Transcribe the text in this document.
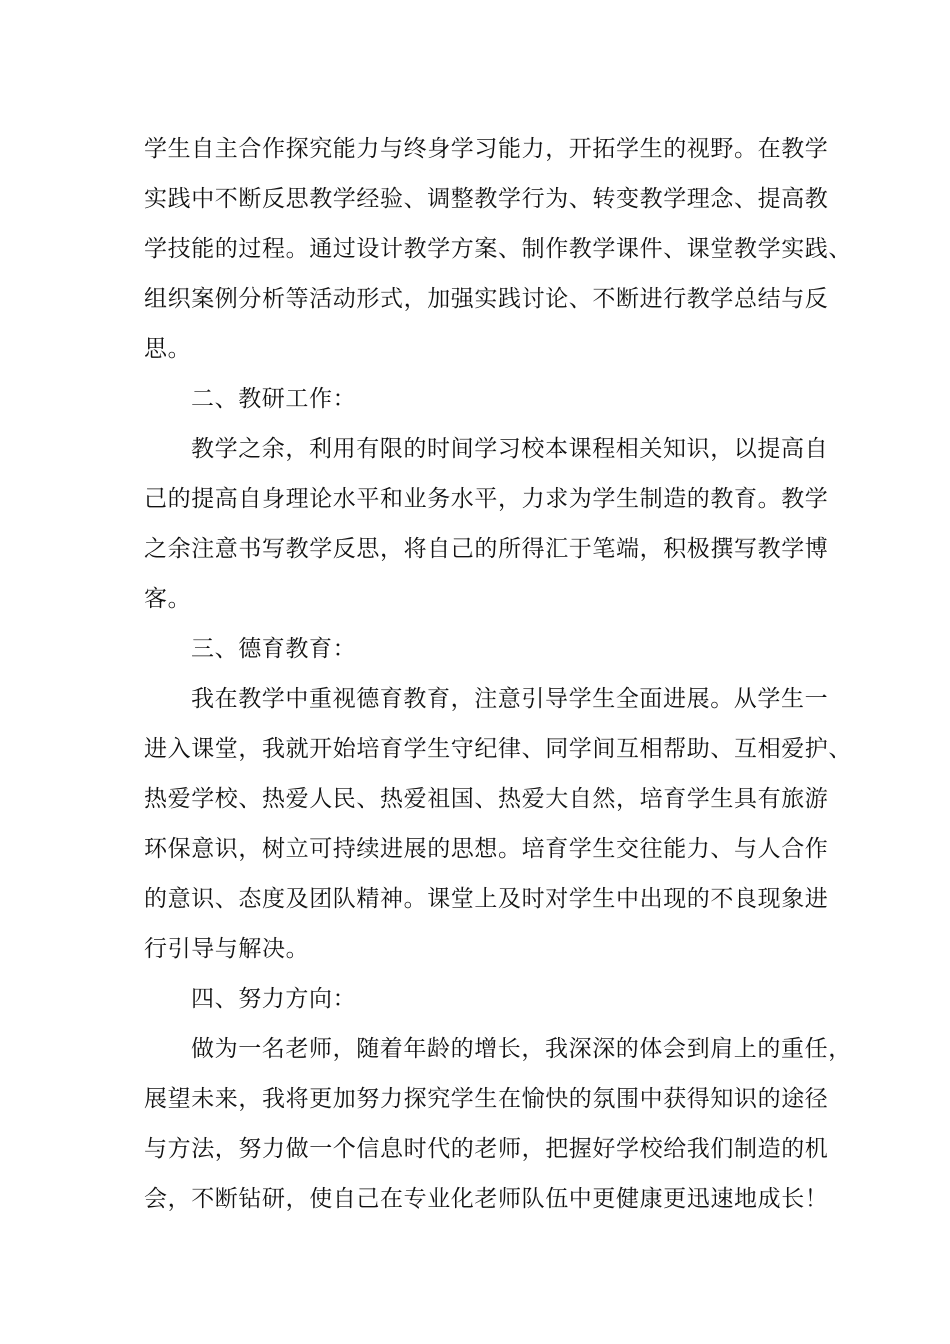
学生自主合作探究能力与终身学习能力，开拓学生的视野。在教学
实践中不断反思教学经验、调整教学行为、转变教学理念、提高教
学技能的过程。通过设计教学方案、制作教学课件、课堂教学实践、
组织案例分析等活动形式，加强实践讨论、不断进行教学总结与反
思。
二、教研工作：
教学之余，利用有限的时间学习校本课程相关知识，以提高自
己的提高自身理论水平和业务水平，力求为学生制造的教育。教学
之余注意书写教学反思，将自己的所得汇于笔端，积极撰写教学博
客。
三、德育教育：
我在教学中重视德育教育，注意引导学生全面进展。从学生一
进入课堂，我就开始培育学生守纪律、同学间互相帮助、互相爱护、
热爱学校、热爱人民、热爱祖国、热爱大自然，培育学生具有旅游
环保意识，树立可持续进展的思想。培育学生交往能力、与人合作
的意识、态度及团队精神。课堂上及时对学生中出现的不良现象进
行引导与解决。
四、努力方向：
做为一名老师，随着年龄的增长，我深深的体会到肩上的重任，
展望未来，我将更加努力探究学生在愉快的氛围中获得知识的途径
与方法，努力做一个信息时代的老师，把握好学校给我们制造的机
会，不断钻研，使自己在专业化老师队伍中更健康更迅速地成长！
